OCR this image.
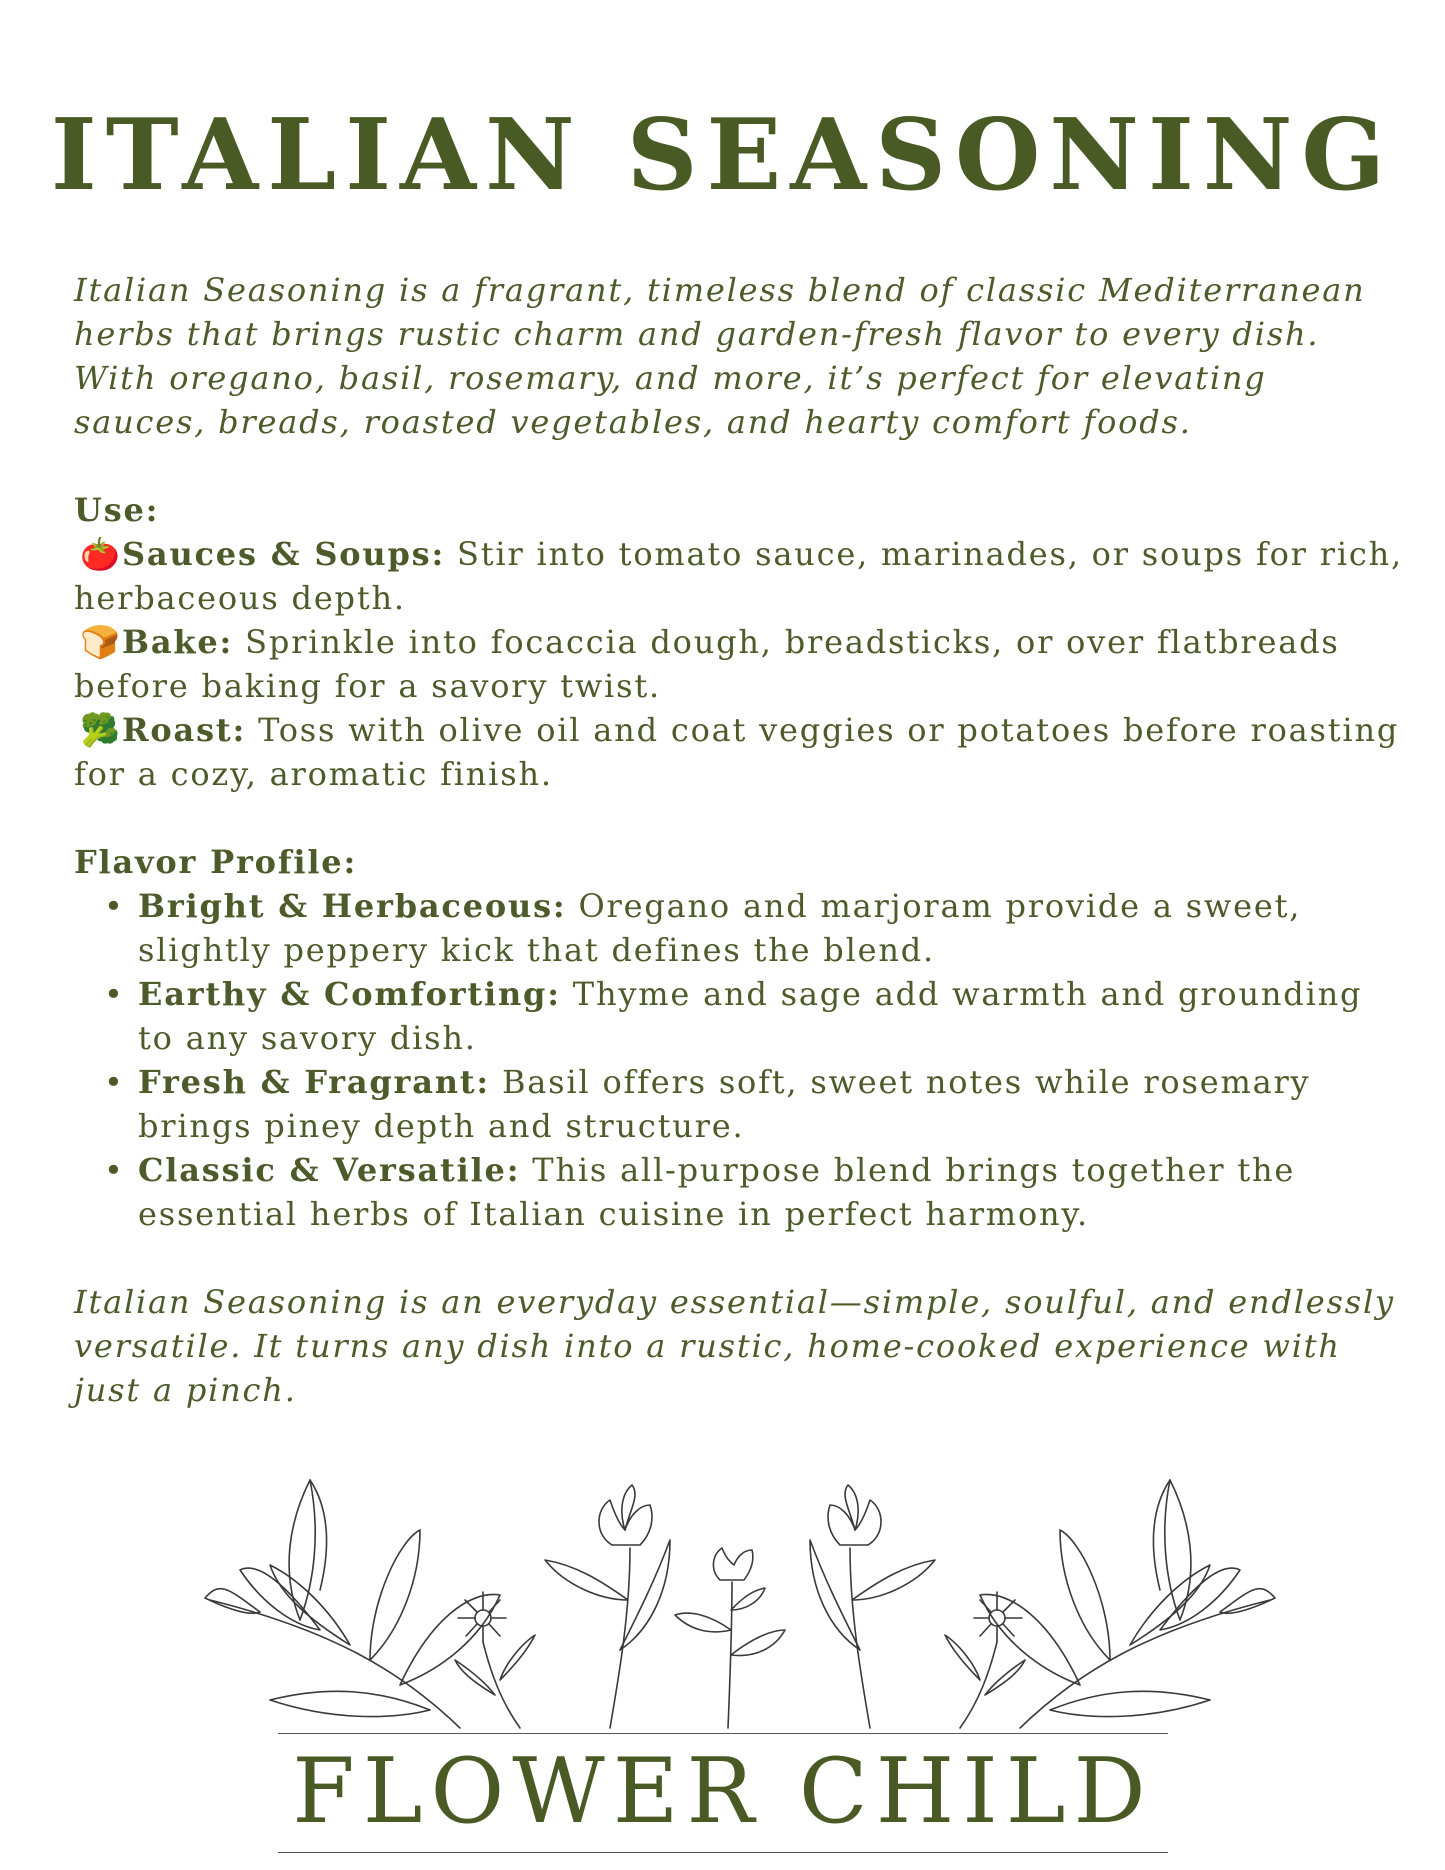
ITALIAN SEASONING

Italian Seasoning is a fragrant, timeless blend of classic Mediterranean herbs that brings rustic charm and garden-fresh flavor to every dish. With oregano, basil, rosemary, and more, it’s perfect for elevating sauces, breads, roasted vegetables, and hearty comfort foods.

Use:

🍅Sauces & Soups: Stir into tomato sauce, marinades, or soups for rich, herbaceous depth.

🍞Bake: Sprinkle into focaccia dough, breadsticks, or over flatbreads before baking for a savory twist.

🥦Roast: Toss with olive oil and coat veggies or potatoes before roasting for a cozy, aromatic finish.

Flavor Profile:

• Bright & Herbaceous: Oregano and marjoram provide a sweet, slightly peppery kick that defines the blend.
• Earthy & Comforting: Thyme and sage add warmth and grounding to any savory dish.
• Fresh & Fragrant: Basil offers soft, sweet notes while rosemary brings piney depth and structure.
• Classic & Versatile: This all-purpose blend brings together the essential herbs of Italian cuisine in perfect harmony.

Italian Seasoning is an everyday essential—simple, soulful, and endlessly versatile. It turns any dish into a rustic, home-cooked experience with just a pinch.

FLOWER CHILD
